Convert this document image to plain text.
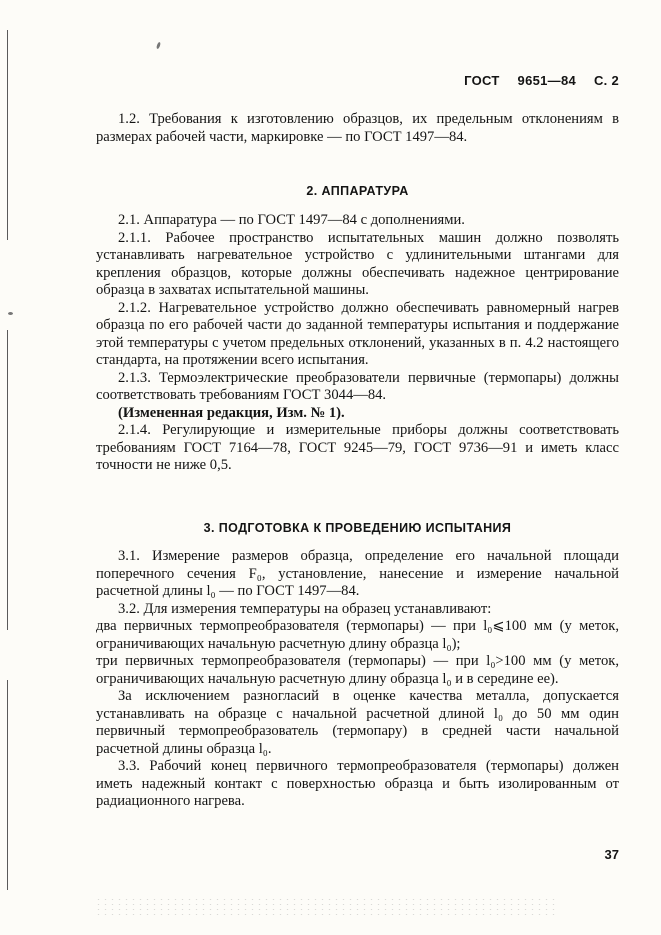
ГОСТ 9651—84 С. 2

1.2. Требования к изготовлению образцов, их предельным отклонениям в размерах рабочей части, маркировке — по ГОСТ 1497—84.

2. АППАРАТУРА

2.1. Аппаратура — по ГОСТ 1497—84 с дополнениями.

2.1.1. Рабочее пространство испытательных машин должно позволять устанавливать нагревательное устройство с удлинительными штангами для крепления образцов, которые должны обеспечивать надежное центрирование образца в захватах испытательной машины.

2.1.2. Нагревательное устройство должно обеспечивать равномерный нагрев образца по его рабочей части до заданной температуры испытания и поддержание этой температуры с учетом предельных отклонений, указанных в п. 4.2 настоящего стандарта, на протяжении всего испытания.

2.1.3. Термоэлектрические преобразователи первичные (термопары) должны соответствовать требованиям ГОСТ 3044—84.

(Измененная редакция, Изм. № 1).

2.1.4. Регулирующие и измерительные приборы должны соответствовать требованиям ГОСТ 7164—78, ГОСТ 9245—79, ГОСТ 9736—91 и иметь класс точности не ниже 0,5.

3. ПОДГОТОВКА К ПРОВЕДЕНИЮ ИСПЫТАНИЯ

3.1. Измерение размеров образца, определение его начальной площади поперечного сечения F₀, установление, нанесение и измерение начальной расчетной длины l₀ — по ГОСТ 1497—84.

3.2. Для измерения температуры на образец устанавливают:

два первичных термопреобразователя (термопары) — при l₀⩽100 мм (у меток, ограничивающих начальную расчетную длину образца l₀);

три первичных термопреобразователя (термопары) — при l₀>100 мм (у меток, ограничивающих начальную расчетную длину образца l₀ и в середине ее).

За исключением разногласий в оценке качества металла, допускается устанавливать на образце с начальной расчетной длиной l₀ до 50 мм один первичный термопреобразователь (термопару) в средней части начальной расчетной длины образца l₀.

3.3. Рабочий конец первичного термопреобразователя (термопары) должен иметь надежный контакт с поверхностью образца и быть изолированным от радиационного нагрева.

37
